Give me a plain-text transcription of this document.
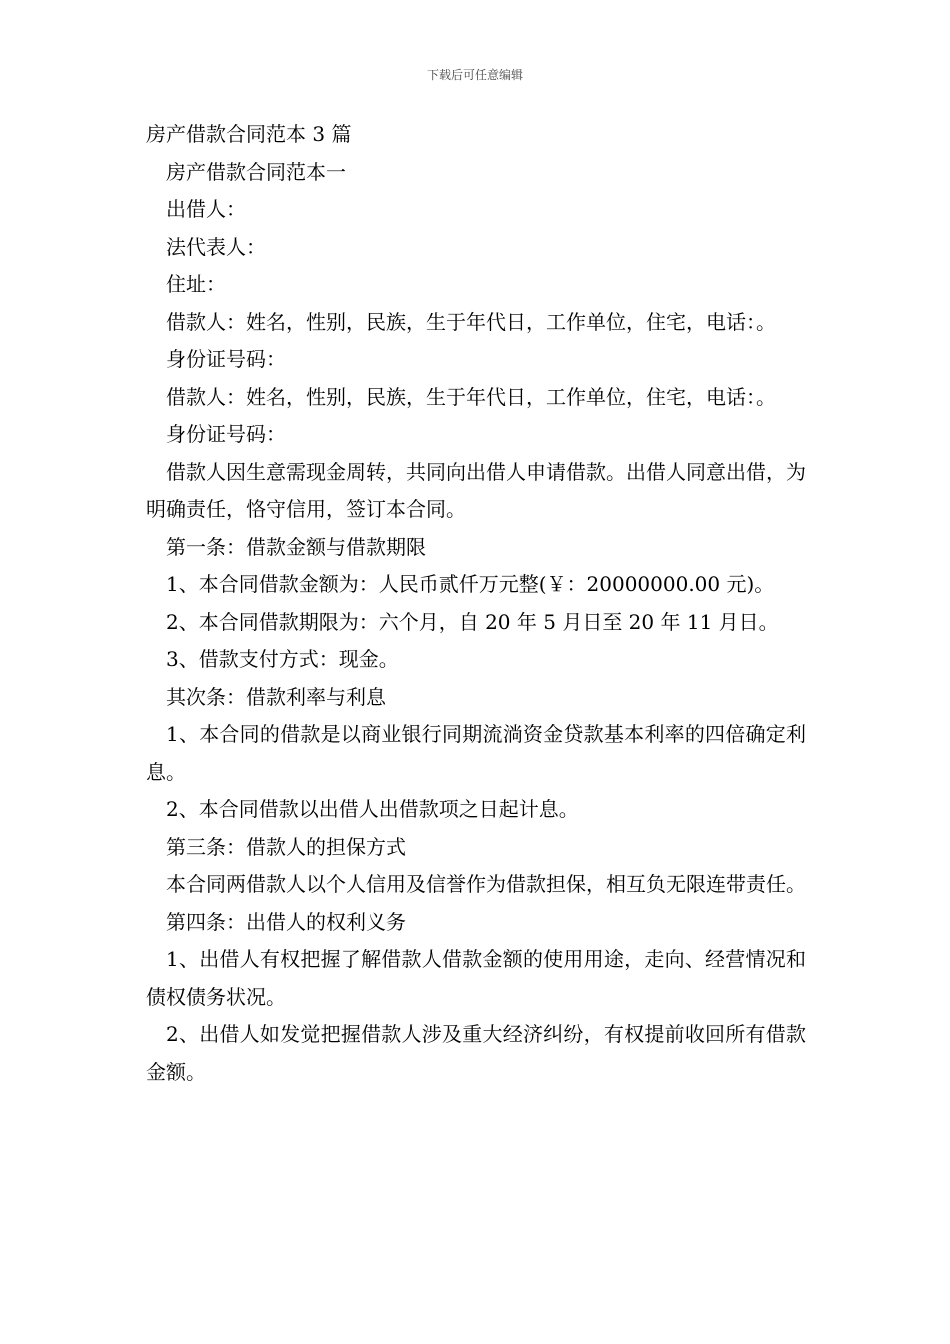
下载后可任意编辑
房产借款合同范本 3 篇

房产借款合同范本一

出借人：

法代表人：

住址：

借款人：姓名，性别，民族，生于年代日，工作单位，住宅，电话：。

身份证号码：

借款人：姓名，性别，民族，生于年代日，工作单位，住宅，电话：。

身份证号码：

借款人因生意需现金周转，共同向出借人申请借款。出借人同意出借，为明确责任，恪守信用，签订本合同。

第一条：借款金额与借款期限

1、本合同借款金额为：人民币贰仟万元整(￥：20000000.00 元)。

2、本合同借款期限为：六个月，自 20 年 5 月日至 20 年 11 月日。

3、借款支付方式：现金。

其次条：借款利率与利息

1、本合同的借款是以商业银行同期流淌资金贷款基本利率的四倍确定利息。

2、本合同借款以出借人出借款项之日起计息。

第三条：借款人的担保方式

本合同两借款人以个人信用及信誉作为借款担保，相互负无限连带责任。

第四条：出借人的权利义务

1、出借人有权把握了解借款人借款金额的使用用途，走向、经营情况和债权债务状况。

2、出借人如发觉把握借款人涉及重大经济纠纷，有权提前收回所有借款金额。
